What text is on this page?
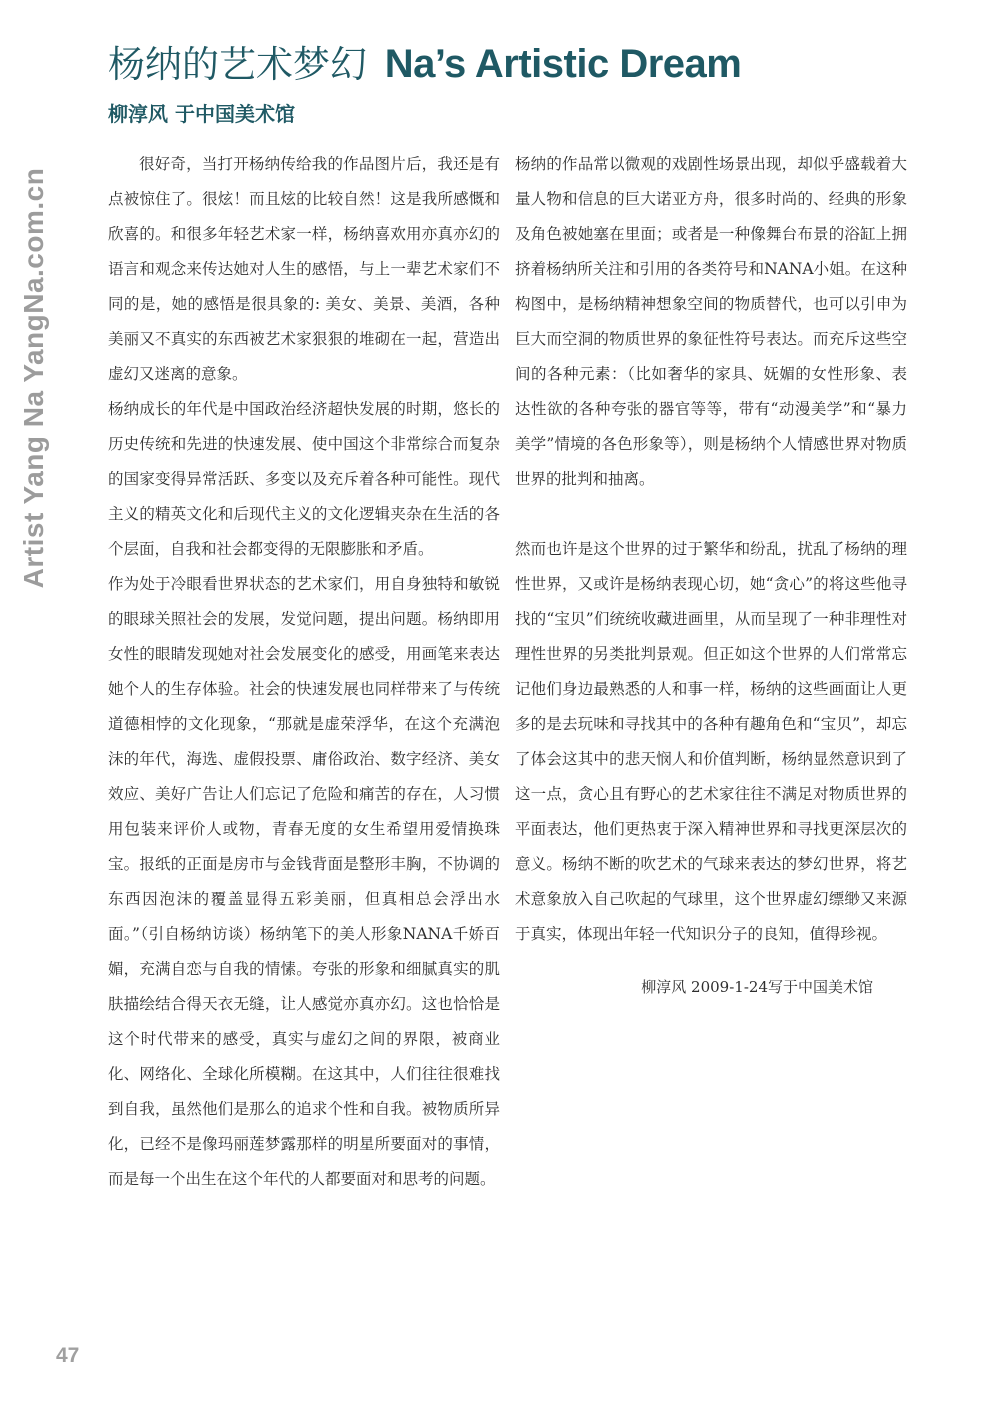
杨纳的艺术梦幻 Na’s Artistic Dream
柳淳风 于中国美术馆
Artist Yang Na YangNa.com.cn

很好奇，当打开杨纳传给我的作品图片后，我还是有点被惊住了。很炫！而且炫的比较自然！这是我所感慨和欣喜的。和很多年轻艺术家一样，杨纳喜欢用亦真亦幻的语言和观念来传达她对人生的感悟，与上一辈艺术家们不同的是，她的感悟是很具象的: 美女、美景、美酒，各种美丽又不真实的东西被艺术家狠狠的堆砌在一起，营造出虚幻又迷离的意象。

杨纳成长的年代是中国政治经济超快发展的时期，悠长的历史传统和先进的快速发展、使中国这个非常综合而复杂的国家变得异常活跃、多变以及充斥着各种可能性。现代主义的精英文化和后现代主义的文化逻辑夹杂在生活的各个层面，自我和社会都变得的无限膨胀和矛盾。

作为处于冷眼看世界状态的艺术家们，用自身独特和敏锐的眼球关照社会的发展，发觉问题，提出问题。杨纳即用女性的眼睛发现她对社会发展变化的感受，用画笔来表达她个人的生存体验。社会的快速发展也同样带来了与传统道德相悖的文化现象，“那就是虚荣浮华，在这个充满泡沫的年代，海选、虚假投票、庸俗政治、数字经济、美女效应、美好广告让人们忘记了危险和痛苦的存在，人习惯用包装来评价人或物，青春无度的女生希望用爱情换珠宝。报纸的正面是房市与金钱背面是整形丰胸，不协调的东西因泡沫的覆盖显得五彩美丽，但真相总会浮出水面。”（引自杨纳访谈）杨纳笔下的美人形象NANA千娇百媚，充满自恋与自我的情愫。夸张的形象和细腻真实的肌肤描绘结合得天衣无缝，让人感觉亦真亦幻。这也恰恰是这个时代带来的感受，真实与虚幻之间的界限，被商业化、网络化、全球化所模糊。在这其中，人们往往很难找到自我，虽然他们是那么的追求个性和自我。被物质所异化，已经不是像玛丽莲梦露那样的明星所要面对的事情，而是每一个出生在这个年代的人都要面对和思考的问题。

杨纳的作品常以微观的戏剧性场景出现，却似乎盛载着大量人物和信息的巨大诺亚方舟，很多时尚的、经典的形象及角色被她塞在里面；或者是一种像舞台布景的浴缸上拥挤着杨纳所关注和引用的各类符号和NANA小姐。在这种构图中，是杨纳精神想象空间的物质替代，也可以引申为巨大而空洞的物质世界的象征性符号表达。而充斥这些空间的各种元素：（比如奢华的家具、妩媚的女性形象、表达性欲的各种夸张的器官等等，带有“动漫美学”和“暴力美学”情境的各色形象等），则是杨纳个人情感世界对物质世界的批判和抽离。

然而也许是这个世界的过于繁华和纷乱，扰乱了杨纳的理性世界，又或许是杨纳表现心切，她“贪心”的将这些他寻找的“宝贝”们统统收藏进画里，从而呈现了一种非理性对理性世界的另类批判景观。但正如这个世界的人们常常忘记他们身边最熟悉的人和事一样，杨纳的这些画面让人更多的是去玩味和寻找其中的各种有趣角色和“宝贝”，却忘了体会这其中的悲天悯人和价值判断，杨纳显然意识到了这一点，贪心且有野心的艺术家往往不满足对物质世界的平面表达，他们更热衷于深入精神世界和寻找更深层次的意义。杨纳不断的吹艺术的气球来表达的梦幻世界，将艺术意象放入自己吹起的气球里，这个世界虚幻缥缈又来源于真实，体现出年轻一代知识分子的良知，值得珍视。

柳淳风 2009-1-24写于中国美术馆

47
